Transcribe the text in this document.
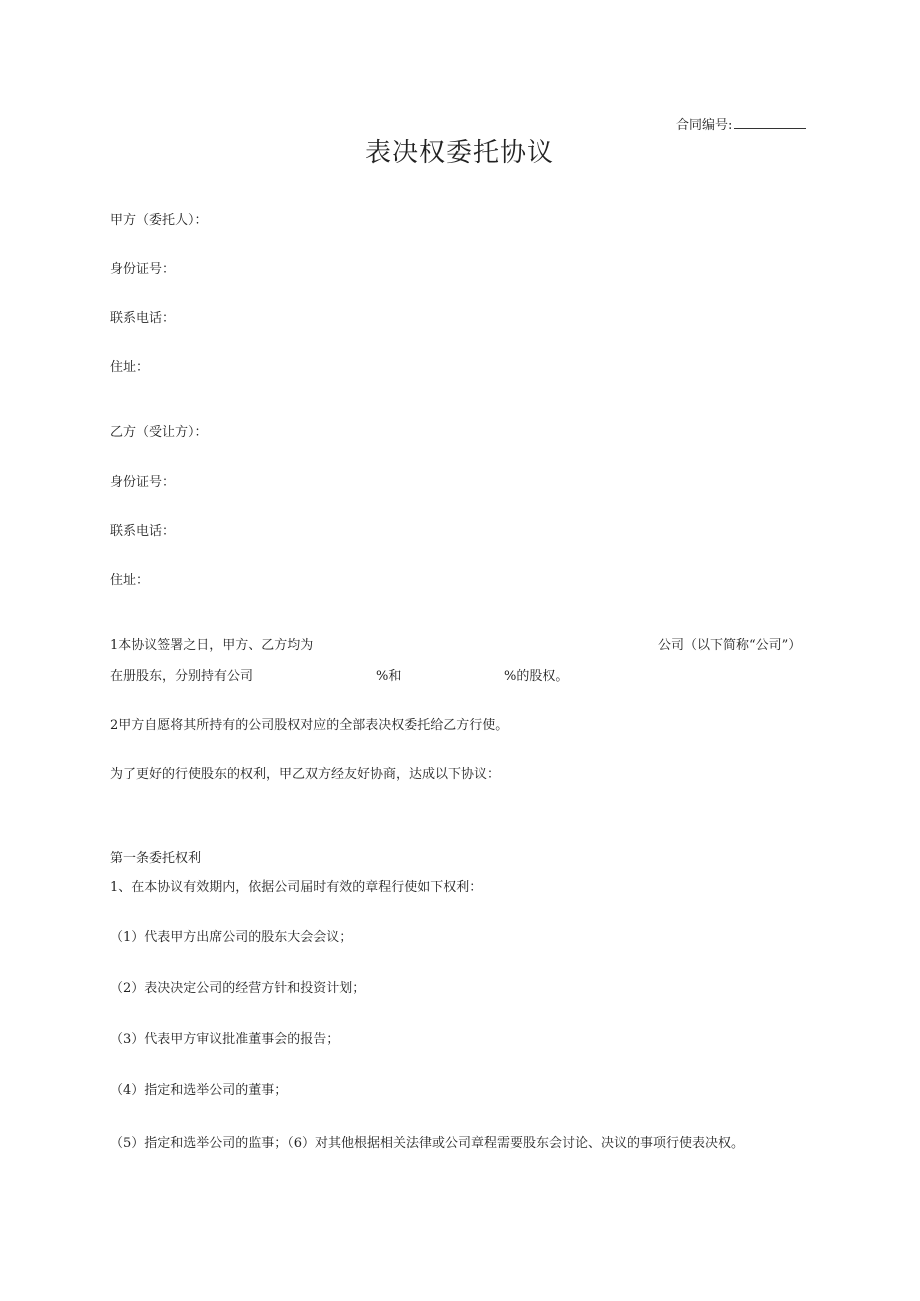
合同编号:
表决权委托协议
甲方（委托人）：
身份证号：
联系电话：
住址：
乙方（受让方）：
身份证号：
联系电话：
住址：
1本协议签署之日，甲方、乙方均为	公司（以下简称“公司”）
在册股东，分别持有公司	%和	%的股权。
2甲方自愿将其所持有的公司股权对应的全部表决权委托给乙方行使。
为了更好的行使股东的权利，甲乙双方经友好协商，达成以下协议：
第一条委托权利
1、在本协议有效期内，依据公司届时有效的章程行使如下权利：
（1）代表甲方出席公司的股东大会会议；
（2）表决决定公司的经营方针和投资计划；
（3）代表甲方审议批准董事会的报告；
（4）指定和选举公司的董事；
（5）指定和选举公司的监事；（6）对其他根据相关法律或公司章程需要股东会讨论、决议的事项行使表决权。
